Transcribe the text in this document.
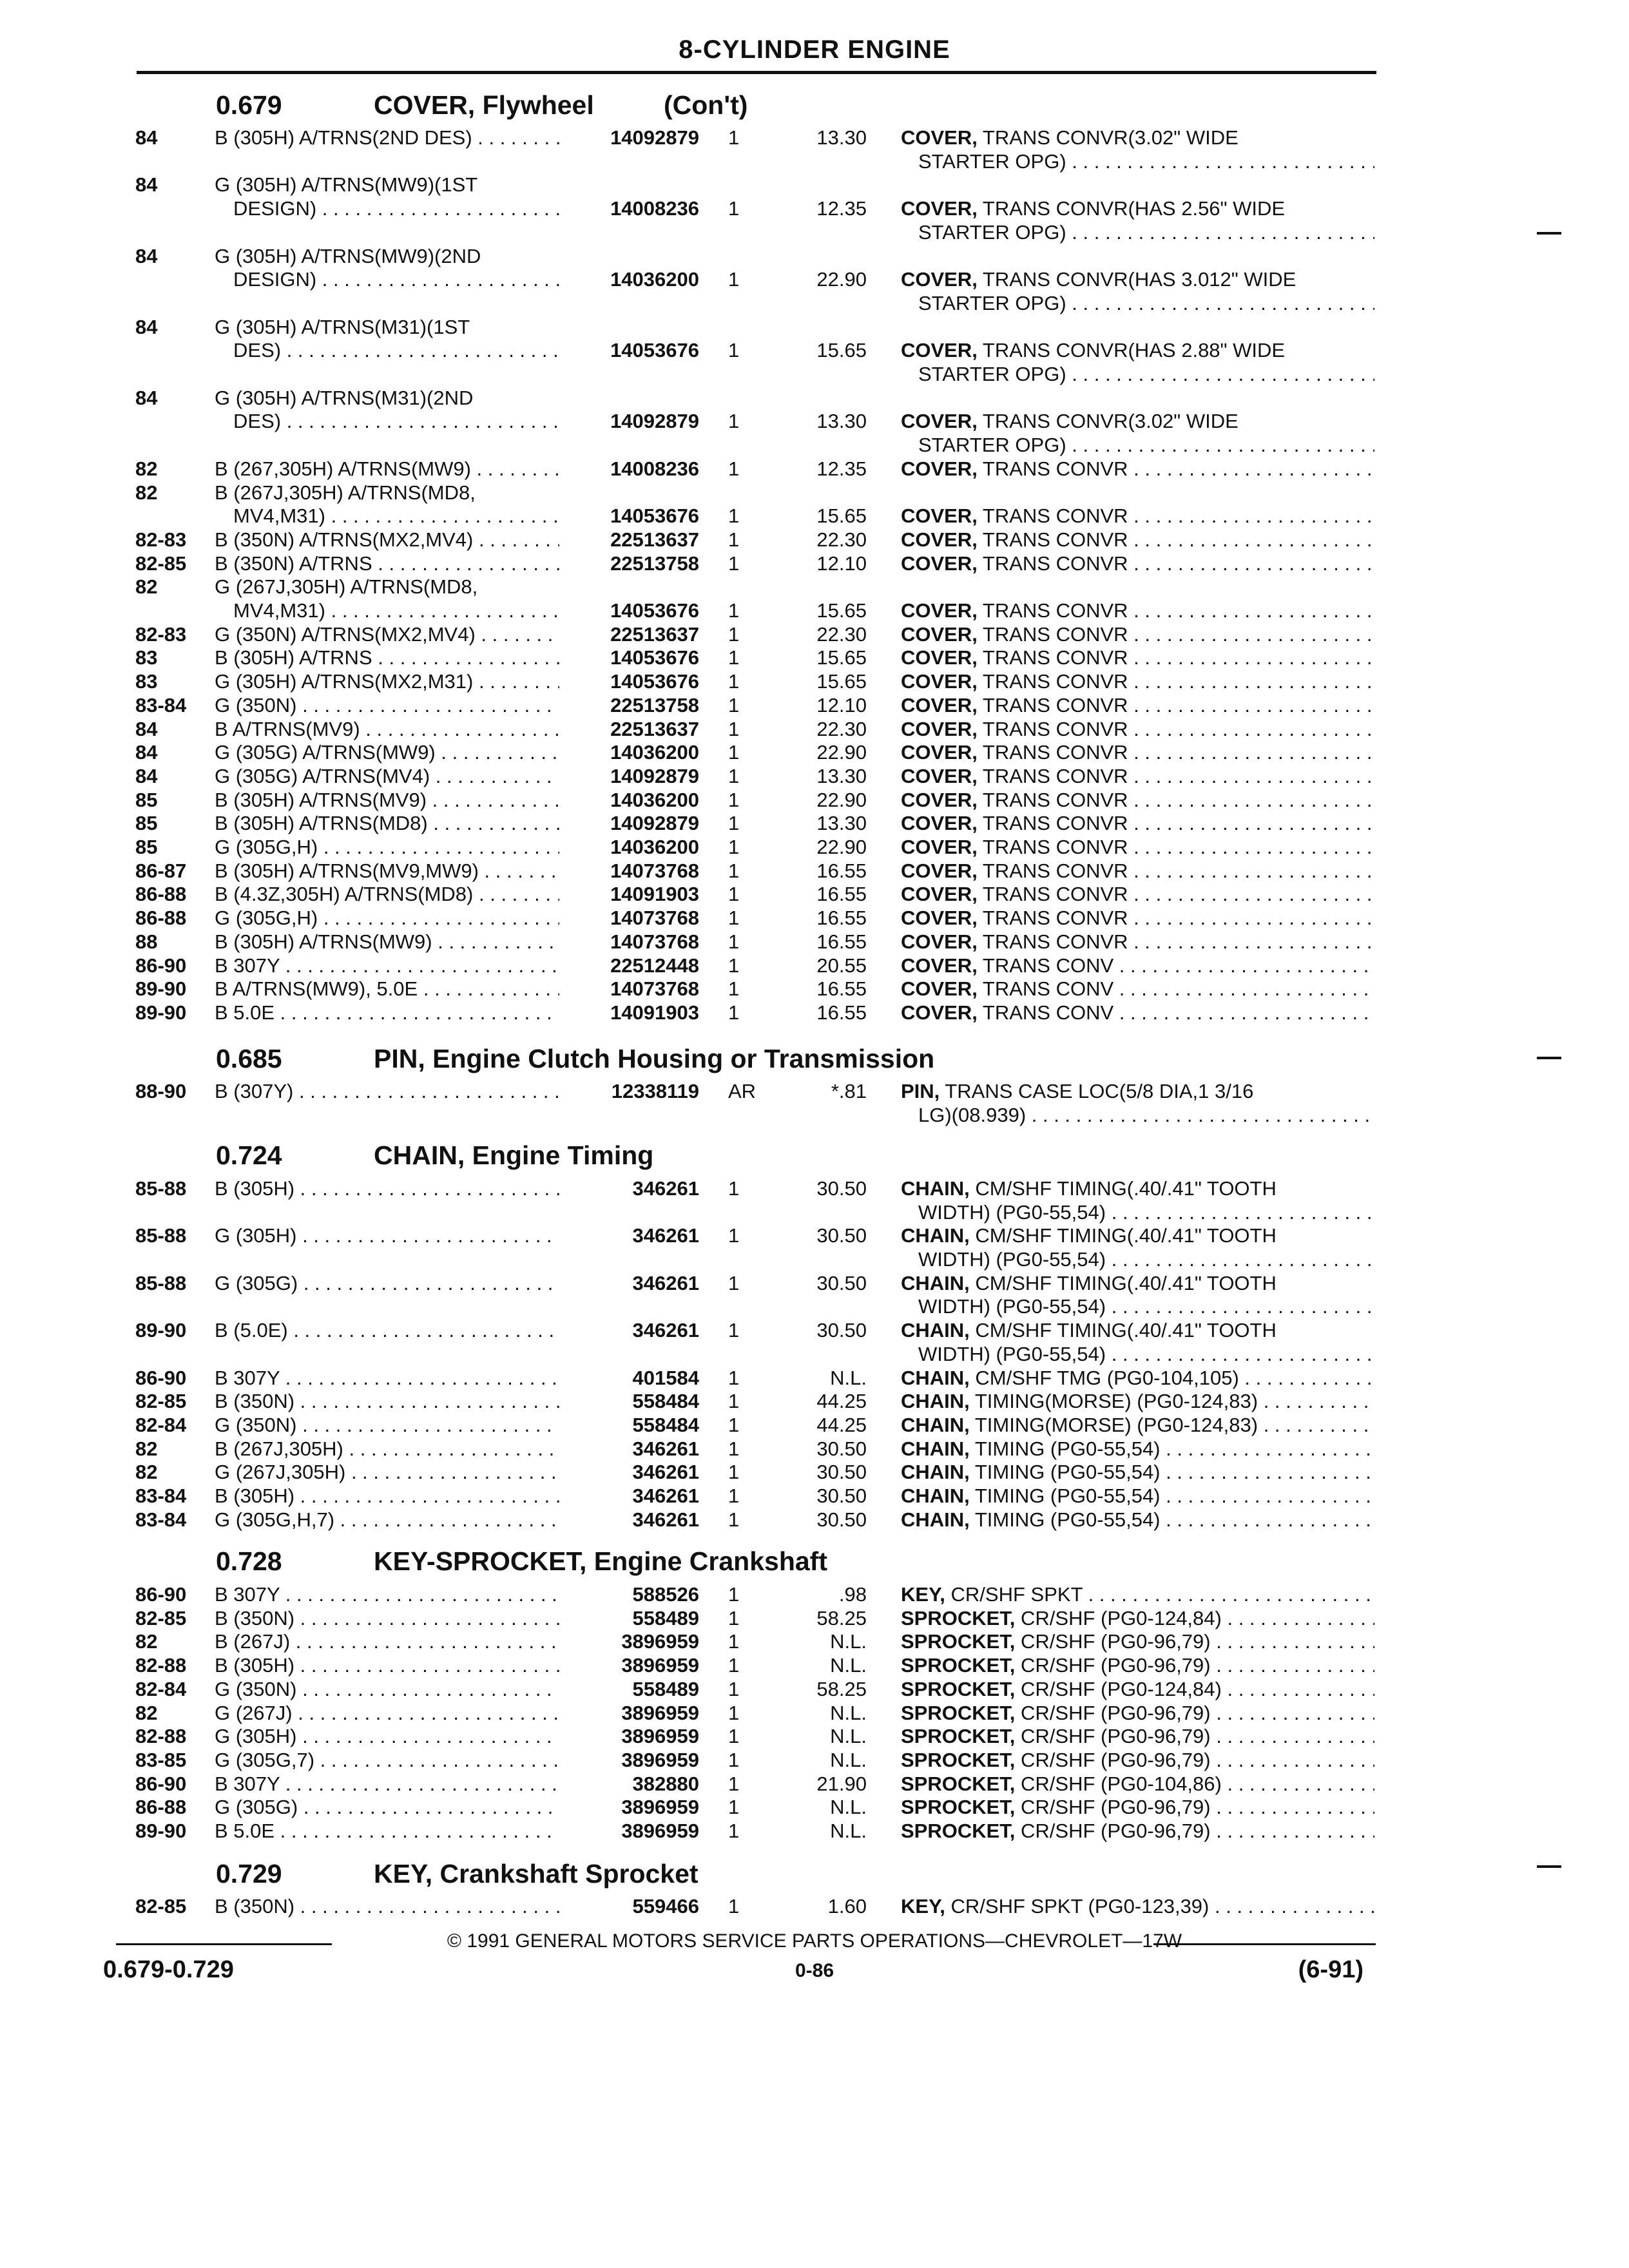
8-CYLINDER ENGINE
0.679	COVER, Flywheel	(Con't)
84	B (305H) A/TRNS(2ND DES) . . . . .	14092879 1	13.30 COVER, TRANS CONVR(3.02" WIDE
STARTER OPG) . . .
84	G (305H) A/TRNS(MW9)(1ST
DESIGN) . . .	14008236 1	12.35 COVER, TRANS CONVR(HAS 2.56" WIDE
STARTER OPG) . . .
84	G (305H) A/TRNS(MW9)(2ND
DESIGN) . . .	14036200 1	22.90 COVER, TRANS CONVR(HAS 3.012" WIDE
STARTER OPG) . . .
84	G (305H) A/TRNS(M31)(1ST
DES) . . .	14053676 1	15.65 COVER, TRANS CONVR(HAS 2.88" WIDE
STARTER OPG) . . .
84	G (305H) A/TRNS(M31)(2ND
DES) . . .	14092879 1	13.30 COVER, TRANS CONVR(3.02" WIDE
STARTER OPG) . . .
82	B (267,305H) A/TRNS(MW9) . . . .	14008236 1	12.35 COVER, TRANS CONVR . . .
82	B (267J,305H) A/TRNS(MD8,
MV4,M31) . . .	14053676 1	15.65 COVER, TRANS CONVR . . .
82-83 B (350N) A/TRNS(MX2,MV4) . . . .	22513637 1	22.30 COVER, TRANS CONVR . . .
82-85 B (350N) A/TRNS . . .	22513758 1	12.10 COVER, TRANS CONVR . . .
82	G (267J,305H) A/TRNS(MD8,
MV4,M31) . . .	14053676 1	15.65 COVER, TRANS CONVR . . .
82-83 G (350N) A/TRNS(MX2,MV4) . . . .	22513637 1	22.30 COVER, TRANS CONVR . . .
83	B (305H) A/TRNS . . .	14053676 1	15.65 COVER, TRANS CONVR . . .
83	G (305H) A/TRNS(MX2,M31) . . . .	14053676 1	15.65 COVER, TRANS CONVR . . .
83-84 G (350N) . . .	22513758 1	12.10 COVER, TRANS CONVR . . .
84	B A/TRNS(MV9) . . .	22513637 1	22.30 COVER, TRANS CONVR . . .
84	G (305G) A/TRNS(MW9) . . .	14036200 1	22.90 COVER, TRANS CONVR . . .
84	G (305G) A/TRNS(MV4) . . .	14092879 1	13.30 COVER, TRANS CONVR . . .
85	B (305H) A/TRNS(MV9) . . .	14036200 1	22.90 COVER, TRANS CONVR . . .
85	B (305H) A/TRNS(MD8) . . .	14092879 1	13.30 COVER, TRANS CONVR . . .
85	G (305G,H) . . .	14036200 1	22.90 COVER, TRANS CONVR . . .
86-87 B (305H) A/TRNS(MV9,MW9) . . . .	14073768 1	16.55 COVER, TRANS CONVR . . .
86-88 B (4.3Z,305H) A/TRNS(MD8) . . . . .	14091903 1	16.55 COVER, TRANS CONVR . . .
86-88 G (305G,H) . . .	14073768 1	16.55 COVER, TRANS CONVR . . .
88	B (305H) A/TRNS(MW9) . . .	14073768 1	16.55 COVER, TRANS CONVR . . .
86-90 B 307Y . . .	22512448 1	20.55 COVER, TRANS CONV . . .
89-90 B A/TRNS(MW9), 5.0E . . .	14073768 1	16.55 COVER, TRANS CONV . . .
89-90 B 5.0E . . .	14091903 1	16.55 COVER, TRANS CONV . . .
0.685	PIN, Engine Clutch Housing or Transmission
88-90 B (307Y) . . .	12338119 AR	*.81 PIN, TRANS CASE LOC(5/8 DIA,1 3/16
LG)(08.939) . . .
0.724	CHAIN, Engine Timing
85-88 B (305H) . . .	346261 1	30.50 CHAIN, CM/SHF TIMING(.40/.41" TOOTH
WIDTH) (PG0-55,54) . . .
85-88 G (305H) . . .	346261 1	30.50 CHAIN, CM/SHF TIMING(.40/.41" TOOTH
WIDTH) (PG0-55,54) . . .
85-88 G (305G) . . .	346261 1	30.50 CHAIN, CM/SHF TIMING(.40/.41" TOOTH
WIDTH) (PG0-55,54) . . .
89-90 B (5.0E) . . .	346261 1	30.50 CHAIN, CM/SHF TIMING(.40/.41" TOOTH
WIDTH) (PG0-55,54) . . .
86-90 B 307Y . . .	401584 1	N.L. CHAIN, CM/SHF TMG (PG0-104,105) . . .
82-85 B (350N) . . .	558484 1	44.25 CHAIN, TIMING(MORSE) (PG0-124,83) . . .
82-84 G (350N) . . .	558484 1	44.25 CHAIN, TIMING(MORSE) (PG0-124,83) . . .
82	B (267J,305H) . . .	346261 1	30.50 CHAIN, TIMING (PG0-55,54) . . .
82	G (267J,305H) . . .	346261 1	30.50 CHAIN, TIMING (PG0-55,54) . . .
83-84 B (305H) . . .	346261 1	30.50 CHAIN, TIMING (PG0-55,54) . . .
83-84 G (305G,H,7) . . .	346261 1	30.50 CHAIN, TIMING (PG0-55,54) . . .
0.728	KEY-SPROCKET, Engine Crankshaft
86-90 B 307Y . . .	588526 1	.98 KEY, CR/SHF SPKT . . .
82-85 B (350N) . . .	558489 1	58.25 SPROCKET, CR/SHF (PG0-124,84) . . .
82	B (267J) . . .	3896959 1	N.L. SPROCKET, CR/SHF (PG0-96,79) . . .
82-88 B (305H) . . .	3896959 1	N.L. SPROCKET, CR/SHF (PG0-96,79) . . .
82-84 G (350N) . . .	558489 1	58.25 SPROCKET, CR/SHF (PG0-124,84) . . .
82	G (267J) . . .	3896959 1	N.L. SPROCKET, CR/SHF (PG0-96,79) . . .
82-88 G (305H) . . .	3896959 1	N.L. SPROCKET, CR/SHF (PG0-96,79) . . .
83-85 G (305G,7) . . .	3896959 1	N.L. SPROCKET, CR/SHF (PG0-96,79) . . .
86-90 B 307Y . . .	382880 1	21.90 SPROCKET, CR/SHF (PG0-104,86) . . .
86-88 G (305G) . . .	3896959 1	N.L. SPROCKET, CR/SHF (PG0-96,79) . . .
89-90 B 5.0E . . .	3896959 1	N.L. SPROCKET, CR/SHF (PG0-96,79) . . .
0.729	KEY, Crankshaft Sprocket
82-85 B (350N) . . .	559466 1	1.60 KEY, CR/SHF SPKT (PG0-123,39) . . .
© 1991 GENERAL MOTORS SERVICE PARTS OPERATIONS—CHEVROLET—17W
0.679-0.729	0-86	(6-91)
